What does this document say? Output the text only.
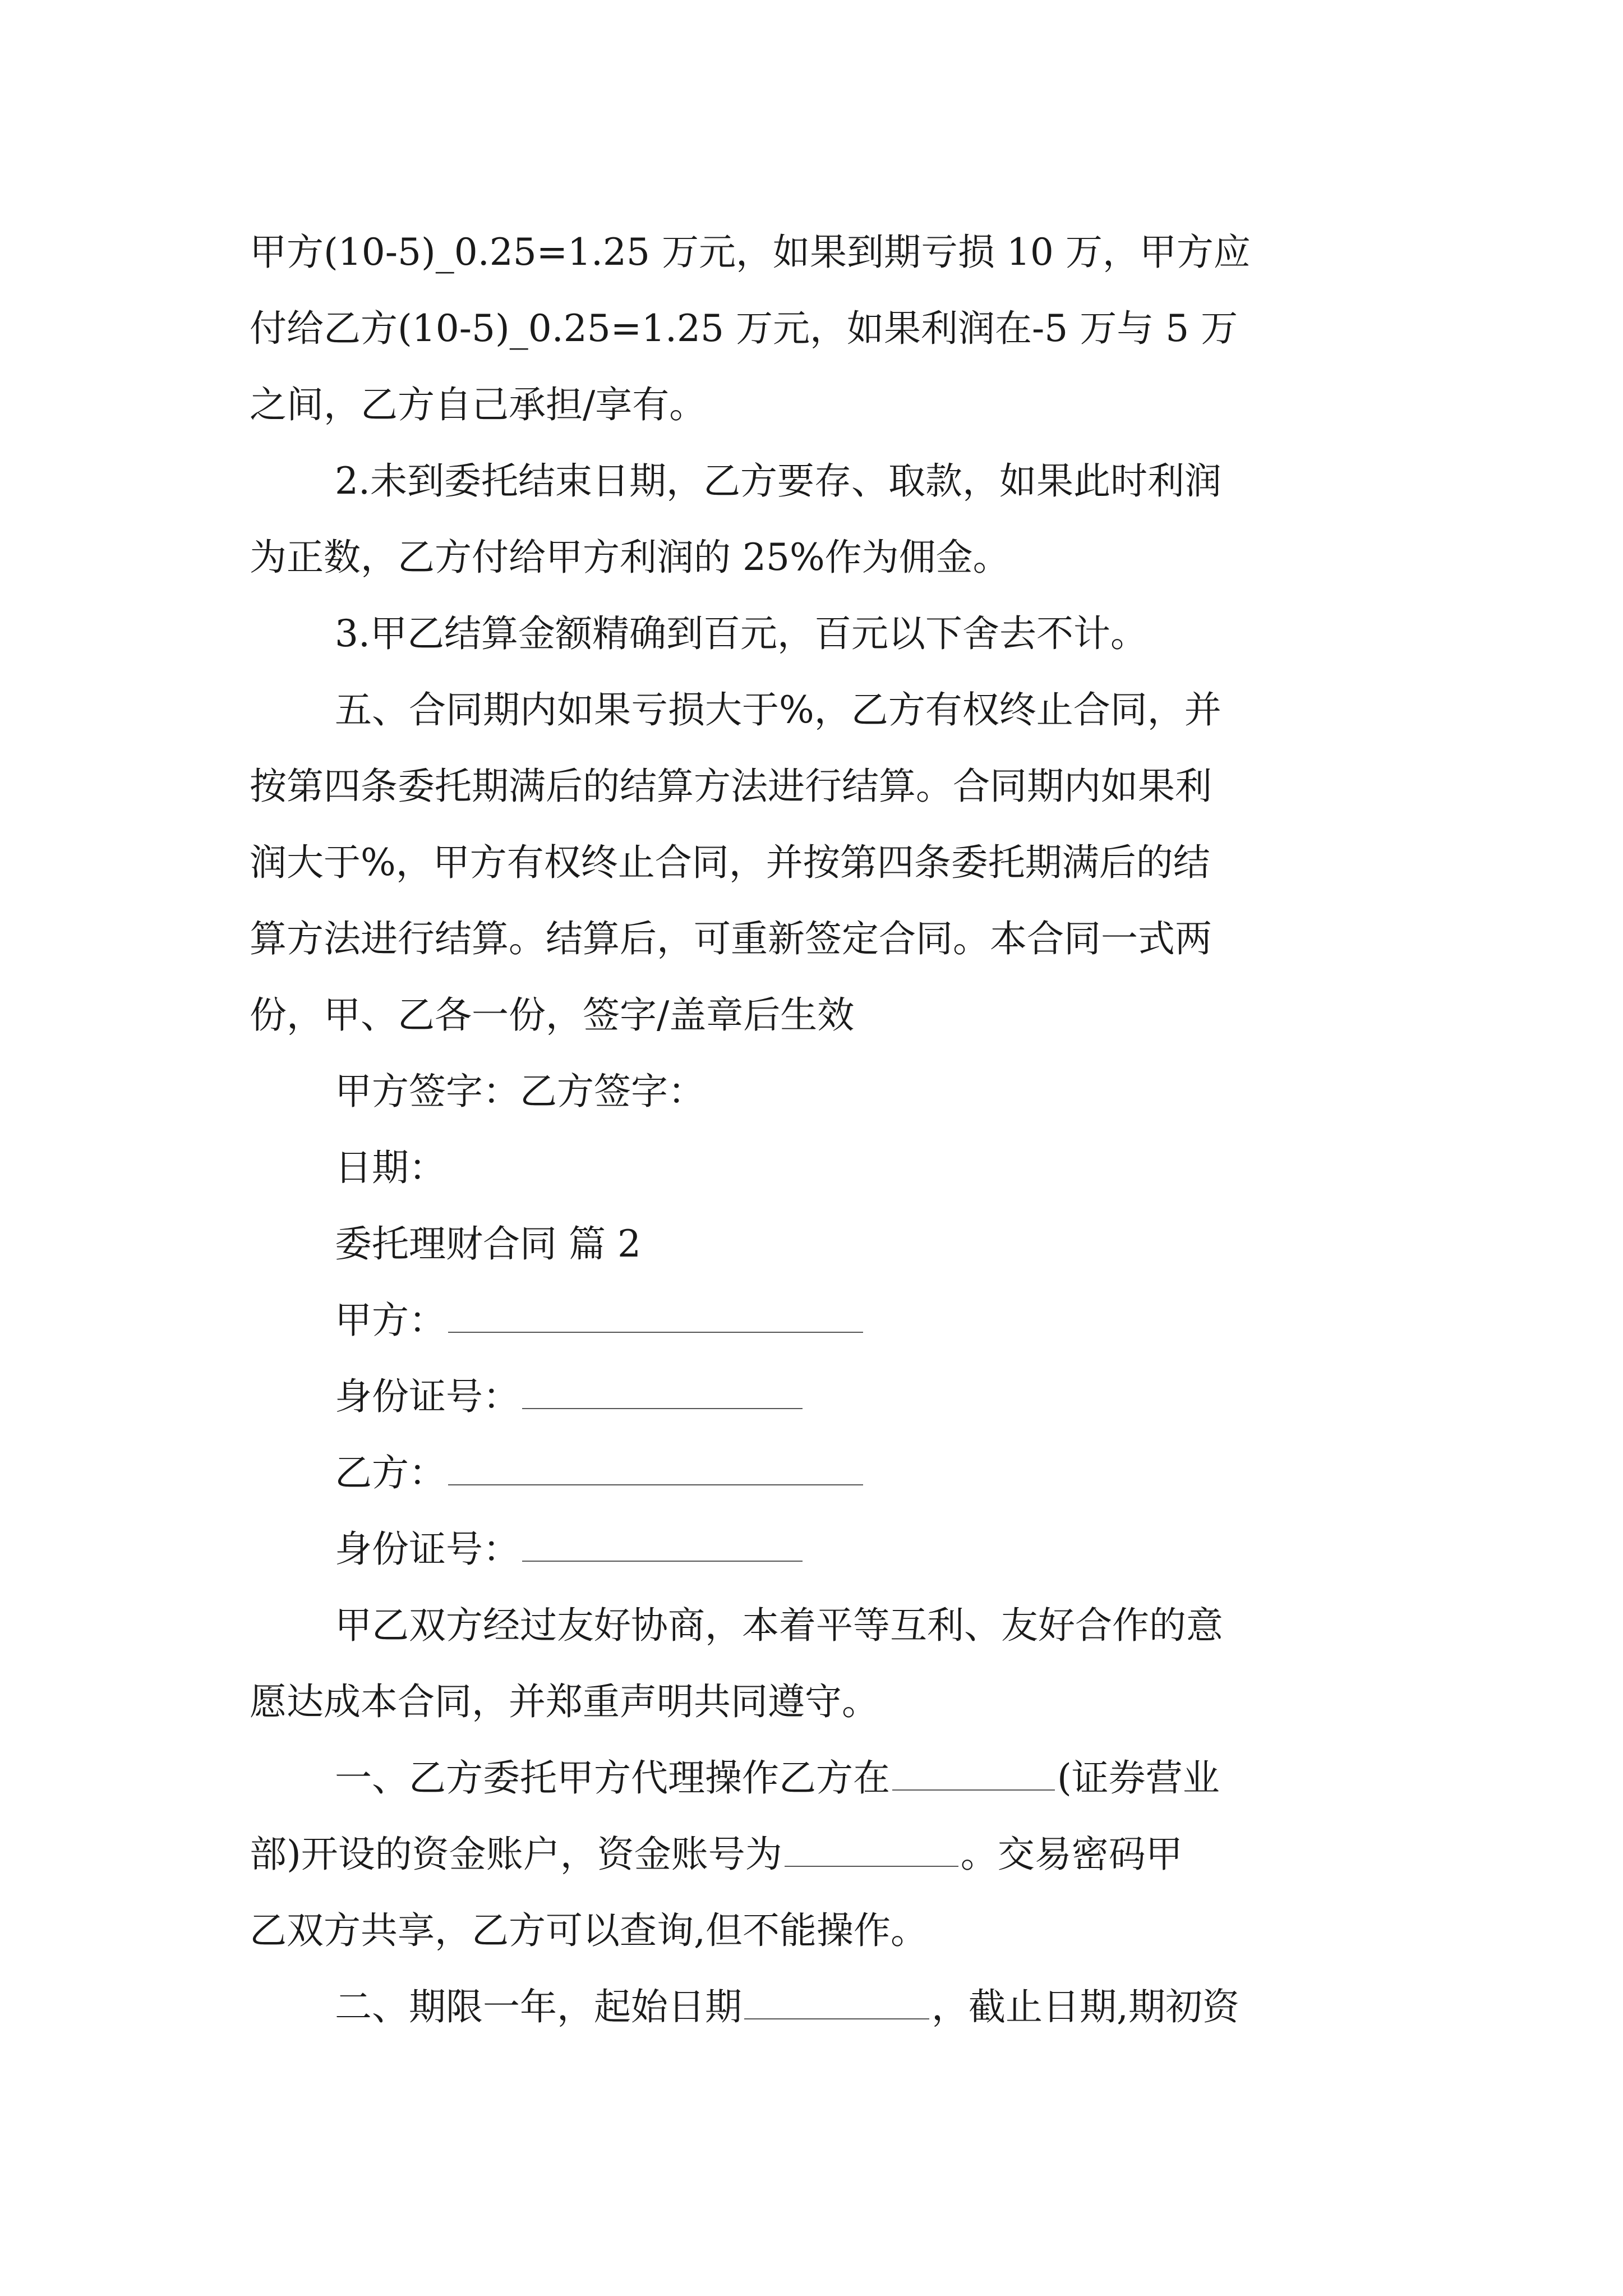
甲方(10-5)_0.25=1.25 万元，如果到期亏损 10 万，甲方应
付给乙方(10-5)_0.25=1.25 万元，如果利润在-5 万与 5 万
之间，乙方自己承担/享有。
2.未到委托结束日期，乙方要存、取款，如果此时利润
为正数，乙方付给甲方利润的 25%作为佣金。
3.甲乙结算金额精确到百元，百元以下舍去不计。
五、合同期内如果亏损大于%，乙方有权终止合同，并
按第四条委托期满后的结算方法进行结算。合同期内如果利
润大于%，甲方有权终止合同，并按第四条委托期满后的结
算方法进行结算。结算后，可重新签定合同。本合同一式两
份，甲、乙各一份，签字/盖章后生效
甲方签字：乙方签字：
日期：
委托理财合同 篇 2
甲方：
身份证号：
乙方：
身份证号：
甲乙双方经过友好协商，本着平等互利、友好合作的意
愿达成本合同，并郑重声明共同遵守。
一、乙方委托甲方代理操作乙方在	(证券营业
部)开设的资金账户，资金账号为	。交易密码甲
乙双方共享，乙方可以查询,但不能操作。
二、期限一年，起始日期	，截止日期,期初资
